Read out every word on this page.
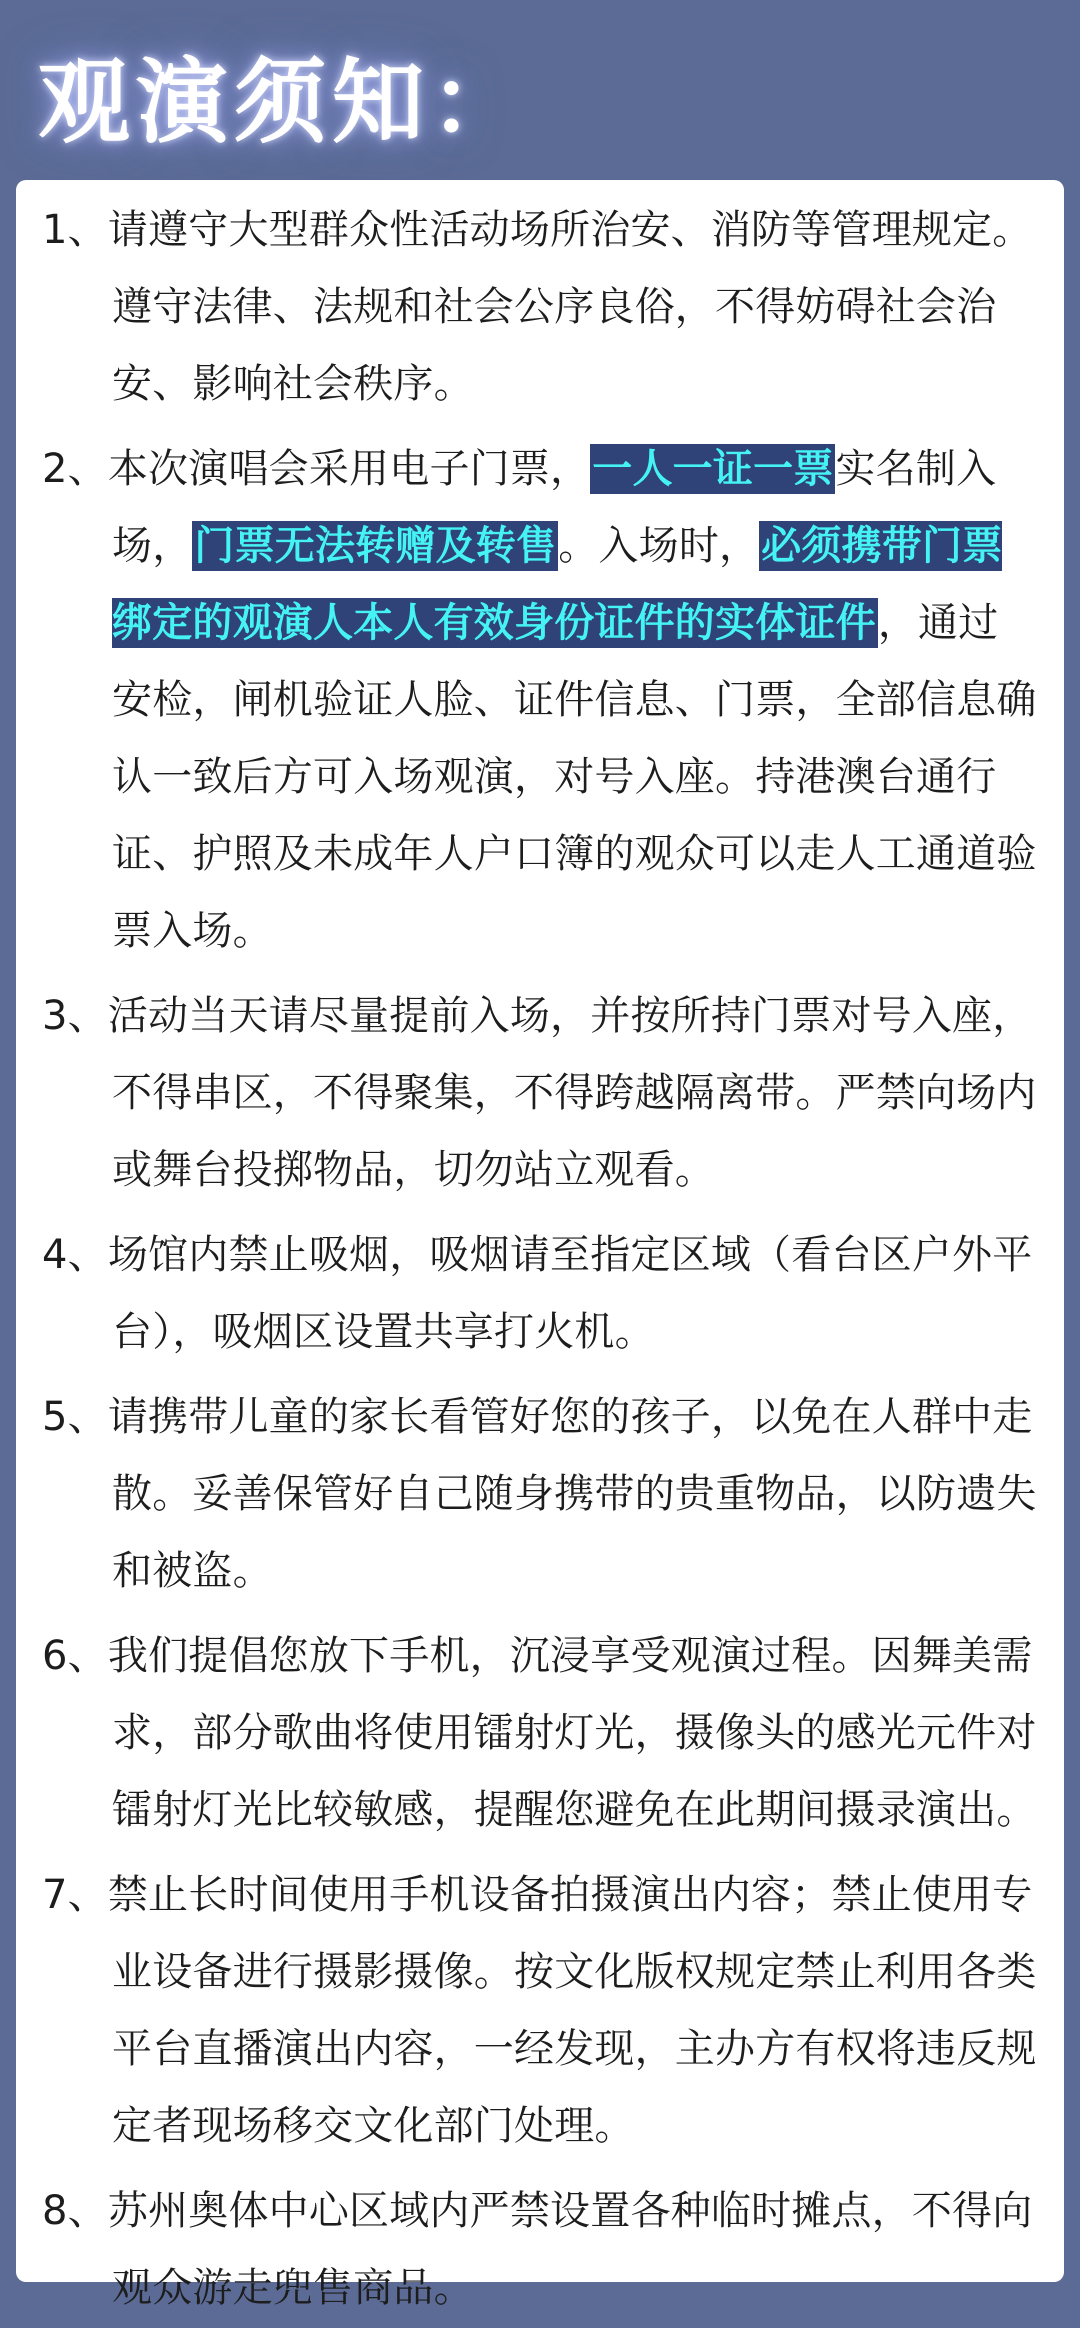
观演须知：
1、请遵守大型群众性活动场所治安、消防等管理规定。遵守法律、法规和社会公序良俗，不得妨碍社会治安、影响社会秩序。
2、本次演唱会采用电子门票，一人一证一票实名制入场，门票无法转赠及转售。入场时，必须携带门票绑定的观演人本人有效身份证件的实体证件，通过安检，闸机验证人脸、证件信息、门票，全部信息确认一致后方可入场观演，对号入座。持港澳台通行证、护照及未成年人户口簿的观众可以走人工通道验票入场。
3、活动当天请尽量提前入场，并按所持门票对号入座，不得串区，不得聚集，不得跨越隔离带。严禁向场内或舞台投掷物品，切勿站立观看。
4、场馆内禁止吸烟，吸烟请至指定区域（看台区户外平台），吸烟区设置共享打火机。
5、请携带儿童的家长看管好您的孩子，以免在人群中走散。妥善保管好自己随身携带的贵重物品，以防遗失和被盗。
6、我们提倡您放下手机，沉浸享受观演过程。因舞美需求，部分歌曲将使用镭射灯光，摄像头的感光元件对镭射灯光比较敏感，提醒您避免在此期间摄录演出。
7、禁止长时间使用手机设备拍摄演出内容；禁止使用专业设备进行摄影摄像。按文化版权规定禁止利用各类平台直播演出内容，一经发现，主办方有权将违反规定者现场移交文化部门处理。
8、苏州奥体中心区域内严禁设置各种临时摊点，不得向观众游走兜售商品。
